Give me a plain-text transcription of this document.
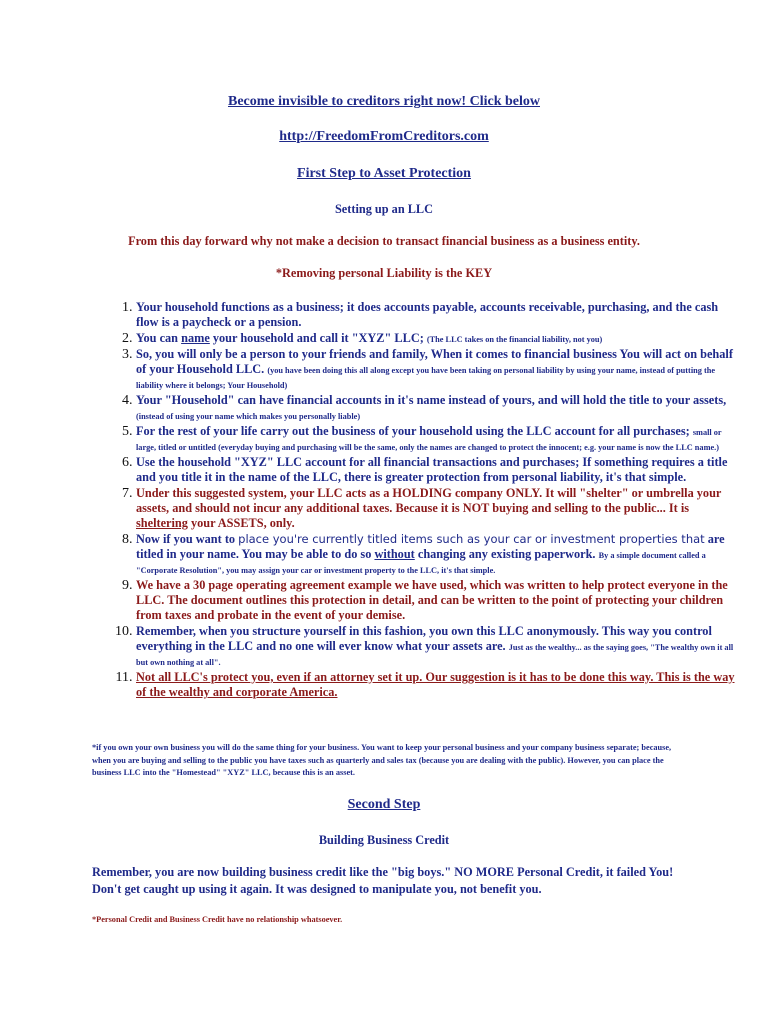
Become invisible to creditors right now! Click below
http://FreedomFromCreditors.com
First Step to Asset Protection
Setting up an LLC
From this day forward why not make a decision to transact financial business as a business entity.
*Removing personal Liability is the KEY
1. Your household functions as a business; it does accounts payable, accounts receivable, purchasing, and the cash flow is a paycheck or a pension.
2. You can name your household and call it "XYZ" LLC; (The LLC takes on the financial liability, not you)
3. So, you will only be a person to your friends and family, When it comes to financial business You will act on behalf of your Household LLC. (you have been doing this all along except you have been taking on personal liability by using your name, instead of putting the liability where it belongs; Your Household)
4. Your "Household" can have financial accounts in it's name instead of yours, and will hold the title to your assets, (instead of using your name which makes you personally liable)
5. For the rest of your life carry out the business of your household using the LLC account for all purchases; small or large, titled or untitled (everyday buying and purchasing will be the same, only the names are changed to protect the innocent; e.g. your name is now the LLC name.)
6. Use the household "XYZ" LLC account for all financial transactions and purchases; If something requires a title and you title it in the name of the LLC, there is greater protection from personal liability, it's that simple.
7. Under this suggested system, your LLC acts as a HOLDING company ONLY. It will "shelter" or umbrella your assets, and should not incur any additional taxes. Because it is NOT buying and selling to the public... It is sheltering your ASSETS, only.
8. Now if you want to place you're currently titled items such as your car or investment properties that are titled in your name. You may be able to do so without changing any existing paperwork. By a simple document called a "Corporate Resolution", you may assign your car or investment property to the LLC, it's that simple.
9. We have a 30 page operating agreement example we have used, which was written to help protect everyone in the LLC. The document outlines this protection in detail, and can be written to the point of protecting your children from taxes and probate in the event of your demise.
10. Remember, when you structure yourself in this fashion, you own this LLC anonymously. This way you control everything in the LLC and no one will ever know what your assets are. Just as the wealthy... as the saying goes, "The wealthy own it all but own nothing at all".
11. Not all LLC's protect you, even if an attorney set it up. Our suggestion is it has to be done this way. This is the way of the wealthy and corporate America.
*if you own your own business you will do the same thing for your business. You want to keep your personal business and your company business separate; because, when you are buying and selling to the public you have taxes such as quarterly and sales tax (because you are dealing with the public). However, you can place the business LLC into the "Homestead" "XYZ" LLC, because this is an asset.
Second Step
Building Business Credit
Remember, you are now building business credit like the "big boys." NO MORE Personal Credit, it failed You! Don't get caught up using it again. It was designed to manipulate you, not benefit you.
*Personal Credit and Business Credit have no relationship whatsoever.
